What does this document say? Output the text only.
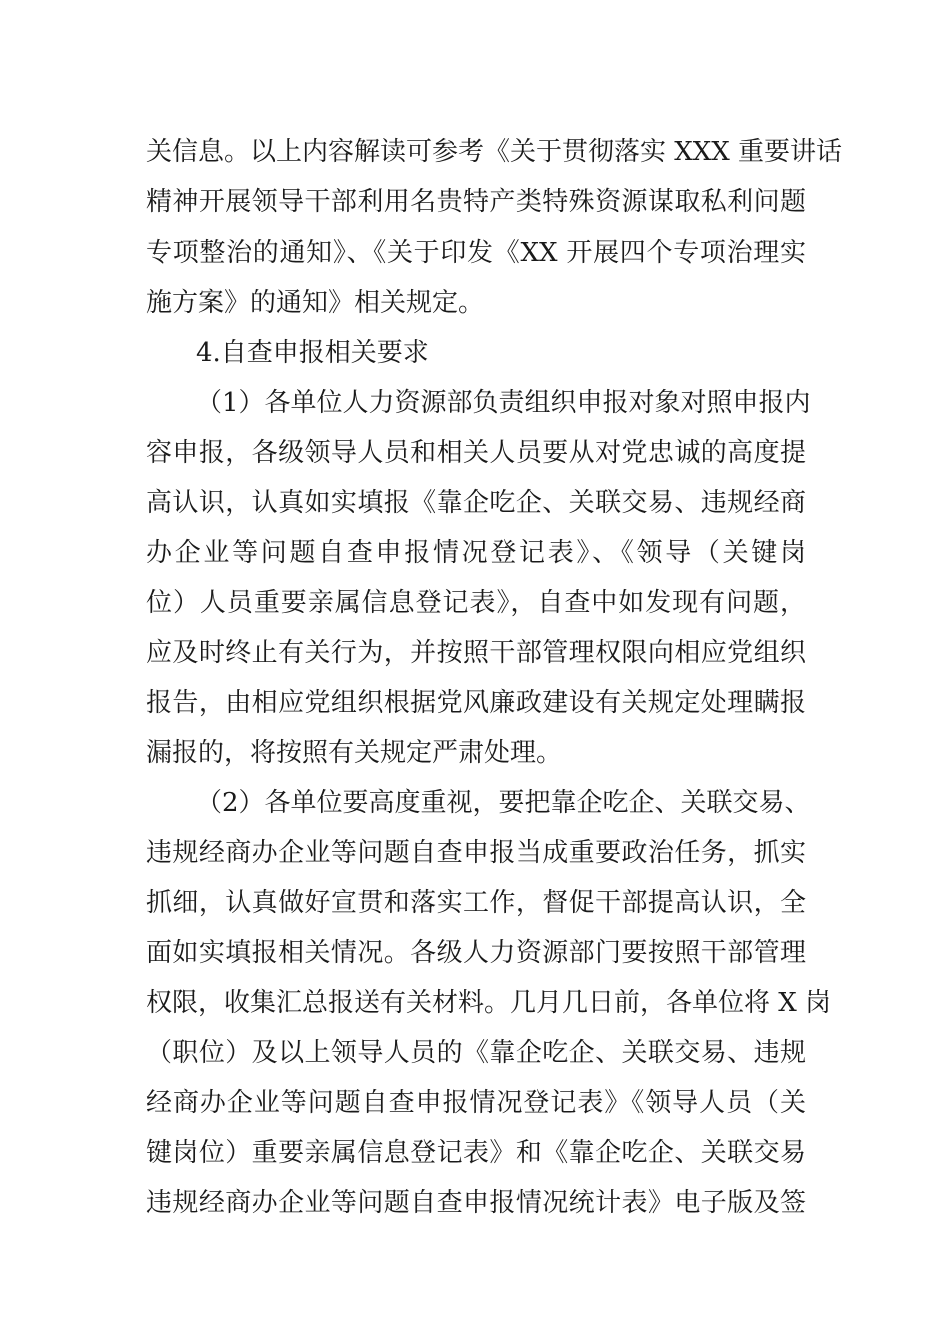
关信息。以上内容解读可参考《关于贯彻落实 XXX 重要讲话
精神开展领导干部利用名贵特产类特殊资源谋取私利问题
专项整治的通知》、《关于印发《XX 开展四个专项治理实
施方案》的通知》相关规定。
4.自查申报相关要求
（1）各单位人力资源部负责组织申报对象对照申报内
容申报，各级领导人员和相关人员要从对党忠诚的高度提
高认识，认真如实填报《靠企吃企、关联交易、违规经商
办企业等问题自查申报情况登记表》、《领导（关键岗
位）人员重要亲属信息登记表》，自查中如发现有问题，
应及时终止有关行为，并按照干部管理权限向相应党组织
报告，由相应党组织根据党风廉政建设有关规定处理瞒报
漏报的，将按照有关规定严肃处理。
（2）各单位要高度重视，要把靠企吃企、关联交易、
违规经商办企业等问题自查申报当成重要政治任务，抓实
抓细，认真做好宣贯和落实工作，督促干部提高认识，全
面如实填报相关情况。各级人力资源部门要按照干部管理
权限，收集汇总报送有关材料。几月几日前，各单位将 X 岗
（职位）及以上领导人员的《靠企吃企、关联交易、违规
经商办企业等问题自查申报情况登记表》《领导人员（关
键岗位）重要亲属信息登记表》和《靠企吃企、关联交易
违规经商办企业等问题自查申报情况统计表》电子版及签
